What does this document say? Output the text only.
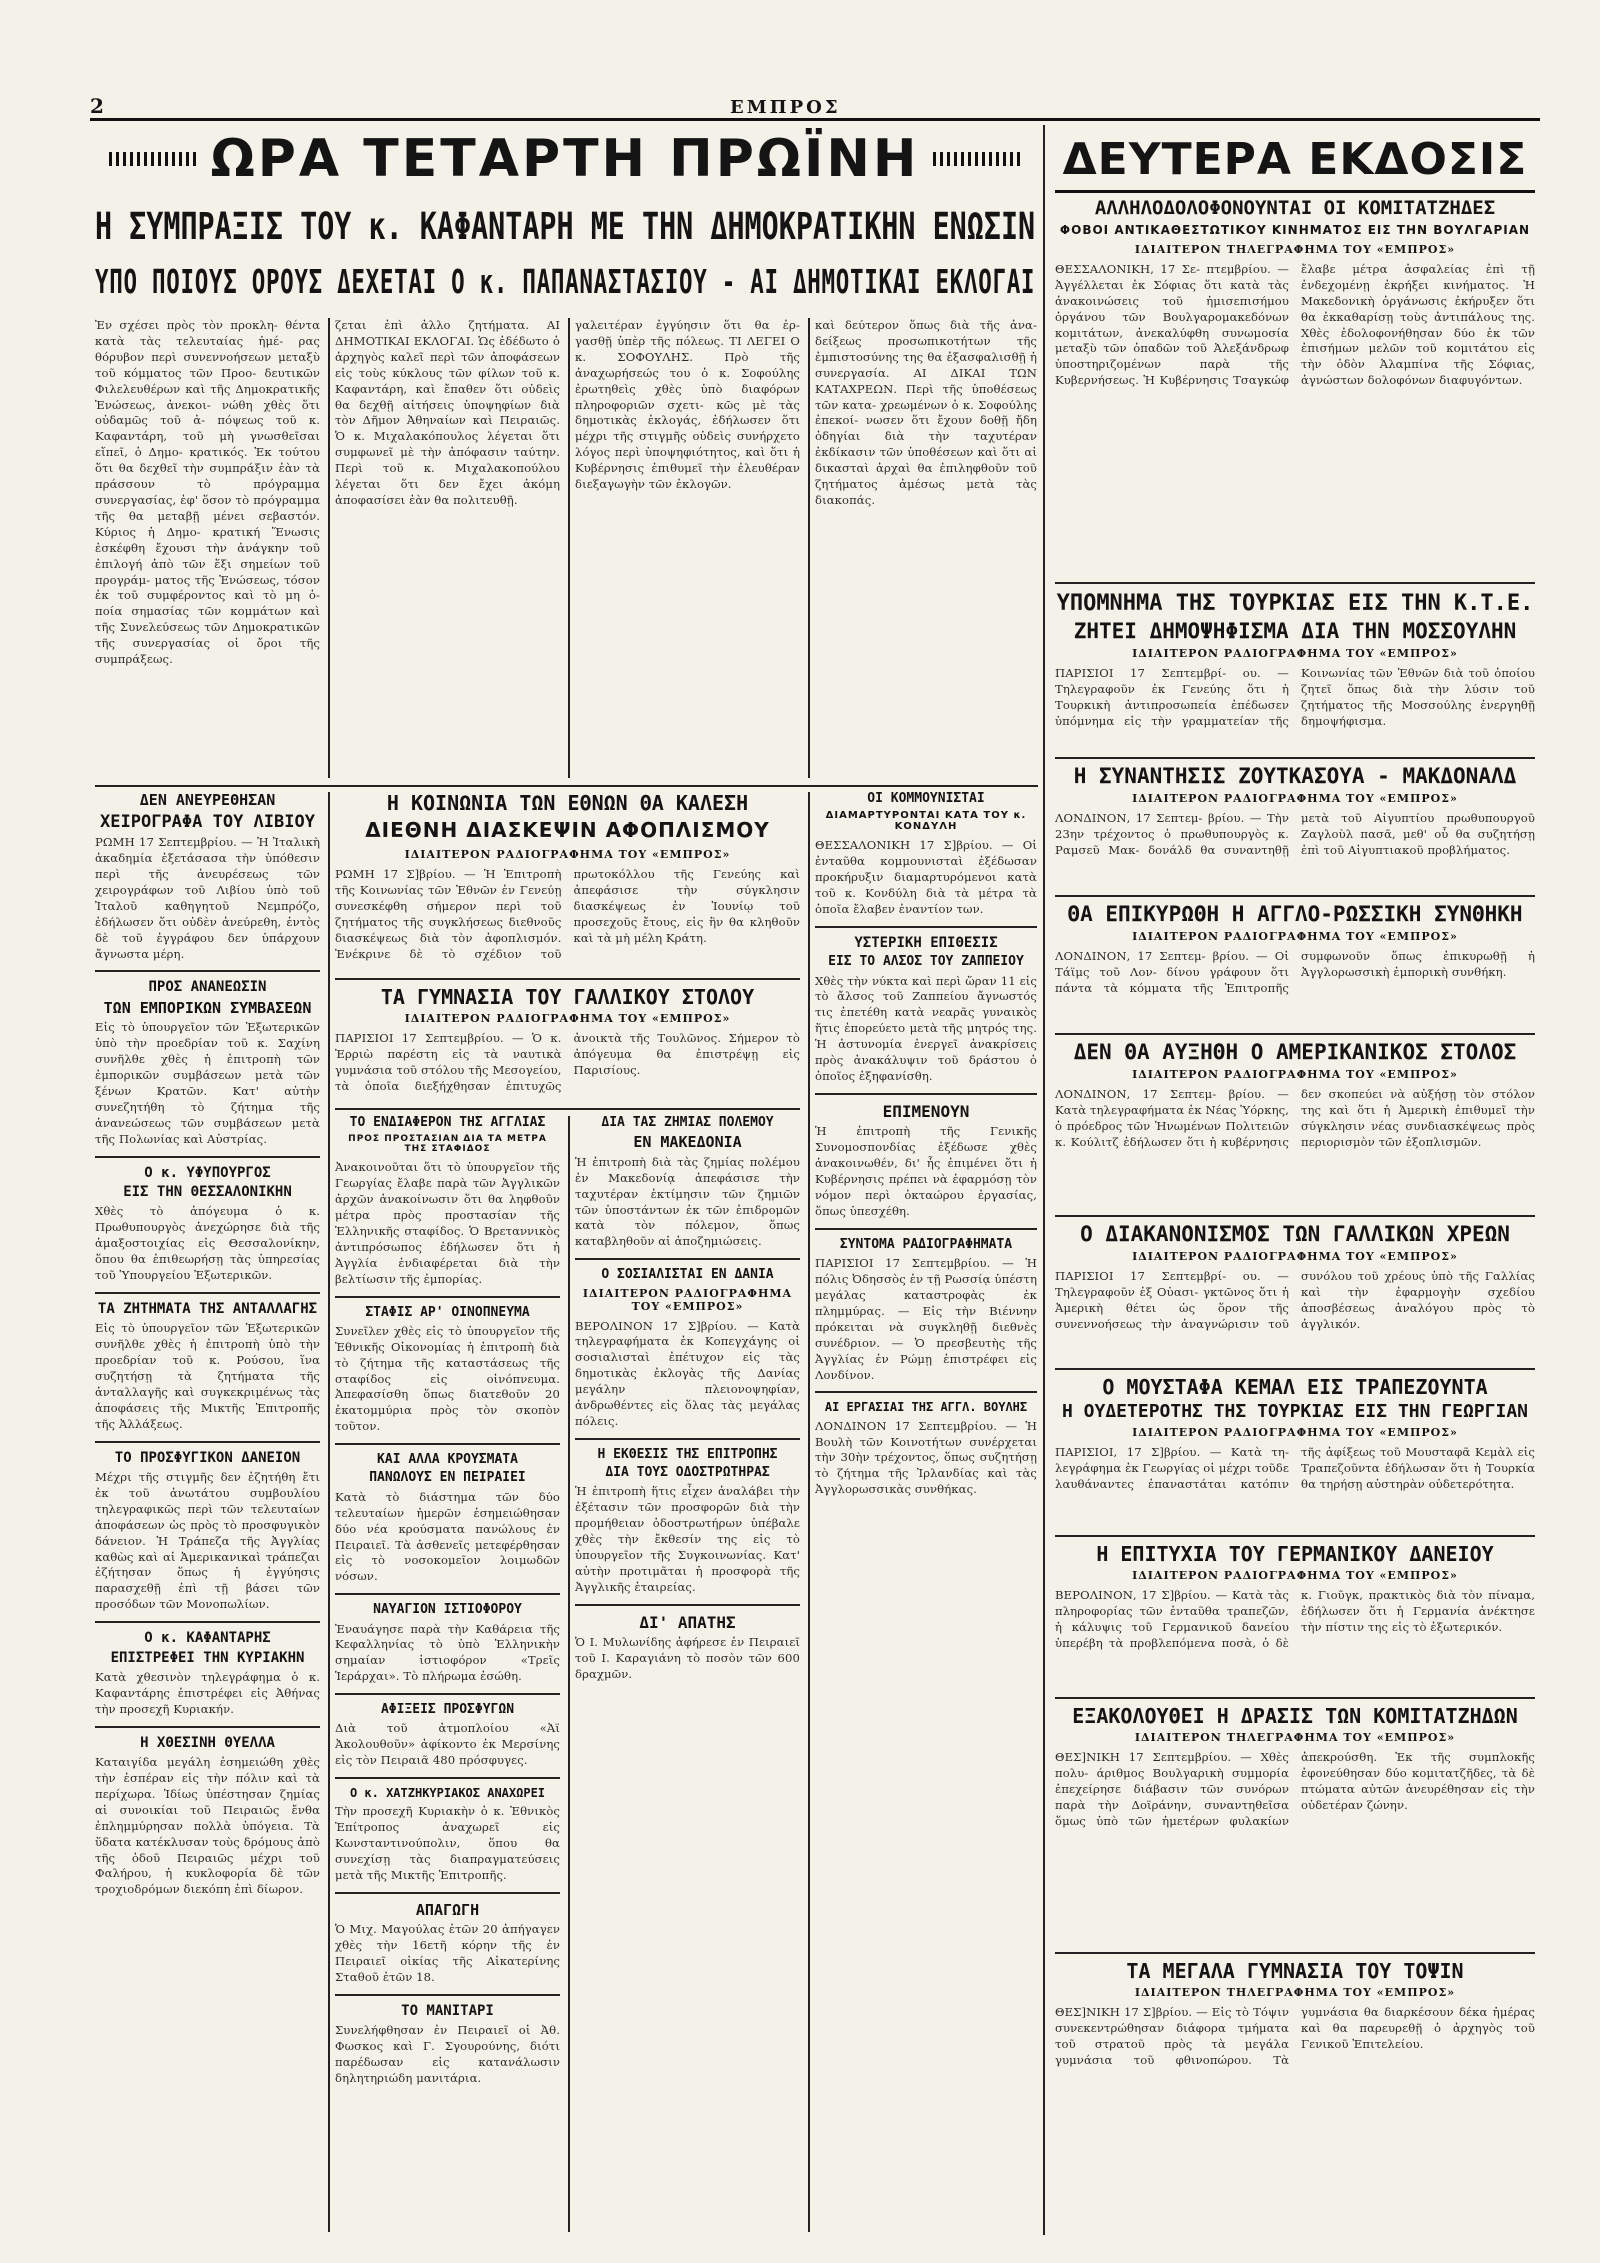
2	ΕΜΠΡΟΣ
ΩΡΑ ΤΕΤΑΡΤΗ ΠΡΩΪΝΗ	ΔΕΥΤΕΡΑ ΕΚΔΟΣΙΣ
Η ΣΥΜΠΡΑΞΙΣ ΤΟΥ κ. ΚΑΦΑΝΤΑΡΗ ΜΕ ΤΗΝ ΔΗΜΟΚΡΑΤΙΚΗΝ ΕΝΩΣΙΝ
ΥΠΟ ΠΟΙΟΥΣ ΟΡΟΥΣ ΔΕΧΕΤΑΙ Ο κ. ΠΑΠΑΝΑΣΤΑΣΙΟΥ - ΑΙ ΔΗΜΟΤΙΚΑΙ ΕΚΛΟΓΑΙ
Ἐν σχέσει πρὸς τὸν προκλη- θέντα κατὰ τὰς τελευταίας ἡμέ- ρας θόρυβον περὶ συνεννοήσεων μεταξὺ τοῦ κόμματος τῶν Προο- δευτικῶν Φιλελευθέρων καὶ τῆς Δημοκρατικῆς Ἑνώσεως, ἀνεκοι- νώθη χθὲς ὅτι οὐδαμῶς τοῦ ἀ- πόψεως τοῦ κ. Καφαντάρη, τοῦ μὴ γνωσθεῖσαι εἴπεῖ, ὁ Δημο- κρατικός. Ἐκ τούτου ὅτι θα δεχθεῖ τὴν συμπράξιν ἐὰν τὰ πράσσουν τὸ πρόγραμμα συνεργασίας, ἐφ' ὅσον τὸ πρόγραμμα τῆς θα μεταβῇ μένει σεβαστόν. Κύριος ἡ Δημο- κρατική Ἕνωσις ἐσκέφθη ἔχουσι τὴν ἀνάγκην τοῦ ἐπιλογή ἀπὸ τῶν ἕξι σημείων τοῦ προγράμ- ματος τῆς Ἑνώσεως, τόσον ἐκ τοῦ συμφέροντος καὶ τὸ μη ὁ- ποία σημασίας τῶν κομμάτων καὶ τῆς Συνελεύσεως τῶν Δημοκρατικῶν τῆς συνεργασίας οἱ ὄροι τῆς συμπράξεως.
ζεται ἐπὶ ἀλλο ζητήματα. ΑΙ ΔΗΜΟΤΙΚΑΙ ΕΚΛΟΓΑΙ. Ὡς ἐδέδωτο ὁ ἀρχηγὸς καλεῖ περὶ τῶν ἀποφάσεων εἰς τοὺς κύκλους τῶν φίλων τοῦ κ. Καφαντάρη, καὶ ἔπαθεν ὅτι οὐδεὶς θα δεχθῇ αἰτήσεις ὑποψηφίων διὰ τὸν Δῆμον Ἀθηναίων καὶ Πειραιῶς. Ὁ κ. Μιχαλακόπουλος λέγεται ὅτι συμφωνεῖ μὲ τὴν ἀπόφασιν ταύτην. Περὶ τοῦ κ. Μιχαλακοπούλου λέγεται ὅτι δεν ἔχει ἀκόμη ἀποφασίσει ἐὰν θα πολιτευθῇ.
γαλειτέραν ἐγγύησιν ὅτι θα ἐρ- γασθῇ ὑπὲρ τῆς πόλεως. ΤΙ ΛΕΓΕΙ Ο κ. ΣΟΦΟΥΛΗΣ. Πρὸ τῆς ἀναχωρήσεώς του ὁ κ. Σοφούλης ἐρωτηθεὶς χθὲς ὑπὸ διαφόρων πληροφοριῶν σχετι- κῶς μὲ τὰς δημοτικὰς ἐκλογάς, ἐδήλωσεν ὅτι μέχρι τῆς στιγμῆς οὐδεὶς συνήρχετο λόγος περὶ ὑποψηφιότητος, καὶ ὅτι ἡ Κυβέρνησις ἐπιθυμεῖ τὴν ἐλευθέραν διεξαγωγὴν τῶν ἐκλογῶν.
καὶ δεύτερον ὅπως διὰ τῆς ἀνα- δείξεως προσωπικοτήτων τῆς ἐμπιστοσύνης της θα ἐξασφαλισθῇ ἡ συνεργασία. ΑΙ ΔΙΚΑΙ ΤΩΝ ΚΑΤΑΧΡΕΩΝ. Περὶ τῆς ὑποθέσεως τῶν κατα- χρεωμένων ὁ κ. Σοφούλης ἐπεκοί- νωσεν ὅτι ἔχουν δοθῇ ἤδη ὁδηγίαι διὰ τὴν ταχυτέραν ἐκδίκασιν τῶν ὑποθέσεων καὶ ὅτι αἱ δικασταὶ ἀρχαὶ θα ἐπιληφθοῦν τοῦ ζητήματος ἀμέσως μετὰ τὰς διακοπάς.
ΑΛΛΗΛΟΔΟΛΟΦΟΝΟΥΝΤΑΙ ΟΙ ΚΟΜΙΤΑΤΖΗΔΕΣ
ΦΟΒΟΙ ΑΝΤΙΚΑΘΕΣΤΩΤΙΚΟΥ ΚΙΝΗΜΑΤΟΣ ΕΙΣ ΤΗΝ ΒΟΥΛΓΑΡΙΑΝ
ΙΔΙΑΙΤΕΡΟΝ ΤΗΛΕΓΡΑΦΗΜΑ ΤΟΥ «ΕΜΠΡΟΣ»
ΘΕΣΣΑΛΟΝΙΚΗ, 17 Σε- πτεμβρίου. — Ἀγγέλλεται ἐκ Σόφιας ὅτι κατὰ τὰς ἀνακοινώσεις τοῦ ἡμισεπισήμου ὀργάνου τῶν Βουλγαρομακεδόνων κομιτάτων, ἀνεκαλύφθη συνωμοσία μεταξὺ τῶν ὀπαδῶν τοῦ Ἀλεξάνδρωφ ὑποστηριζομένων παρὰ τῆς Κυβερνήσεως. Ἡ Κυβέρνησις Τσαγκώφ ἔλαβε μέτρα ἀσφαλείας ἐπὶ τῇ ἐνδεχομένῃ ἐκρήξει κινήματος. Ἡ Μακεδονικὴ ὀργάνωσις ἐκήρυξεν ὅτι θα ἐκκαθαρίσῃ τοὺς ἀντιπάλους της. Χθὲς ἐδολοφονήθησαν δύο ἐκ τῶν ἐπισήμων μελῶν τοῦ κομιτάτου εἰς τὴν ὁδὸν Ἀλαμπίνα τῆς Σόφιας, ἀγνώστων δολοφόνων διαφυγόντων.
ΥΠΟΜΝΗΜΑ ΤΗΣ ΤΟΥΡΚΙΑΣ ΕΙΣ ΤΗΝ Κ.Τ.Ε.
ΖΗΤΕΙ ΔΗΜΟΨΗΦΙΣΜΑ ΔΙΑ ΤΗΝ ΜΟΣΣΟΥΛΗΝ
ΙΔΙΑΙΤΕΡΟΝ ΡΑΔΙΟΓΡΑΦΗΜΑ ΤΟΥ «ΕΜΠΡΟΣ»
ΠΑΡΙΣΙΟΙ 17 Σεπτεμβρί- ου. — Τηλεγραφοῦν ἐκ Γενεύης ὅτι ἡ Τουρκικὴ ἀντιπροσωπεία ἐπέδωσεν ὑπόμνημα εἰς τὴν γραμματείαν τῆς Κοινωνίας τῶν Ἐθνῶν διὰ τοῦ ὁποίου ζητεῖ ὅπως διὰ τὴν λύσιν τοῦ ζητήματος τῆς Μοσσούλης ἐνεργηθῇ δημοψήφισμα.
Η ΣΥΝΑΝΤΗΣΙΣ ΖΟΥΤΚΑΣΟΥΑ - ΜΑΚΔΟΝΑΛΔ
ΙΔΙΑΙΤΕΡΟΝ ΡΑΔΙΟΓΡΑΦΗΜΑ ΤΟΥ «ΕΜΠΡΟΣ»
ΛΟΝΔΙΝΟΝ, 17 Σεπτεμ- βρίου. — Τὴν 23ην τρέχοντος ὁ πρωθυπουργὸς κ. Ραμσεῦ Μακ- δονάλδ θα συναντηθῇ μετὰ τοῦ Αἰγυπτίου πρωθυπουργοῦ Ζαγλοὺλ πασᾶ, μεθ' οὗ θα συζητήσῃ ἐπὶ τοῦ Αἰγυπτιακοῦ προβλήματος.
ΘΑ ΕΠΙΚΥΡΩΘΗ Η ΑΓΓΛΟ-ΡΩΣΣΙΚΗ ΣΥΝΘΗΚΗ
ΙΔΙΑΙΤΕΡΟΝ ΡΑΔΙΟΓΡΑΦΗΜΑ ΤΟΥ «ΕΜΠΡΟΣ»
ΛΟΝΔΙΝΟΝ, 17 Σεπτεμ- βρίου. — Οἱ Τάϊμς τοῦ Λον- δίνου γράφουν ὅτι πάντα τὰ κόμματα τῆς Ἐπιτροπῆς συμφωνοῦν ὅπως ἐπικυρωθῇ ἡ Ἀγγλορωσσικὴ ἐμπορικὴ συνθήκη.
ΔΕΝ ΘΑ ΑΥΞΗΘΗ Ο ΑΜΕΡΙΚΑΝΙΚΟΣ ΣΤΟΛΟΣ
ΙΔΙΑΙΤΕΡΟΝ ΡΑΔΙΟΓΡΑΦΗΜΑ ΤΟΥ «ΕΜΠΡΟΣ»
ΛΟΝΔΙΝΟΝ, 17 Σεπτεμ- βρίου. — Κατὰ τηλεγραφήματα ἐκ Νέας Ὑόρκης, ὁ πρόεδρος τῶν Ἡνωμένων Πολιτειῶν κ. Κούλιτζ ἐδήλωσεν ὅτι ἡ κυβέρνησις δεν σκοπεύει νὰ αὐξήσῃ τὸν στόλον της καὶ ὅτι ἡ Ἀμερικὴ ἐπιθυμεῖ τὴν σύγκλησιν νέας συνδιασκέψεως πρὸς περιορισμὸν τῶν ἐξοπλισμῶν.
Ο ΔΙΑΚΑΝΟΝΙΣΜΟΣ ΤΩΝ ΓΑΛΛΙΚΩΝ ΧΡΕΩΝ
ΙΔΙΑΙΤΕΡΟΝ ΡΑΔΙΟΓΡΑΦΗΜΑ ΤΟΥ «ΕΜΠΡΟΣ»
ΠΑΡΙΣΙΟΙ 17 Σεπτεμβρί- ου. — Τηλεγραφοῦν ἐξ Οὐασι- γκτῶνος ὅτι ἡ Ἀμερικὴ θέτει ὡς ὅρον τῆς συνεννοήσεως τὴν ἀναγνώρισιν τοῦ συνόλου τοῦ χρέους ὑπὸ τῆς Γαλλίας καὶ τὴν ἐφαρμογὴν σχεδίου ἀποσβέσεως ἀναλόγου πρὸς τὸ ἀγγλικόν.
Ο ΜΟΥΣΤΑΦΑ ΚΕΜΑΛ ΕΙΣ ΤΡΑΠΕΖΟΥΝΤΑ
Η ΟΥΔΕΤΕΡΟΤΗΣ ΤΗΣ ΤΟΥΡΚΙΑΣ ΕΙΣ ΤΗΝ ΓΕΩΡΓΙΑΝ
ΙΔΙΑΙΤΕΡΟΝ ΡΑΔΙΟΓΡΑΦΗΜΑ ΤΟΥ «ΕΜΠΡΟΣ»
ΠΑΡΙΣΙΟΙ, 17 Σ]βρίου. — Κατὰ τη- λεγράφημα ἐκ Γεωργίας οἱ μέχρι τοῦδε λαυθάναντες ἐπαναστάται κατόπιν τῆς ἀφίξεως τοῦ Μουσταφᾶ Κεμὰλ εἰς Τραπεζοῦντα ἐδήλωσαν ὅτι ἡ Τουρκία θα τηρήσῃ αὐστηρὰν οὐδετερότητα.
Η ΕΠΙΤΥΧΙΑ ΤΟΥ ΓΕΡΜΑΝΙΚΟΥ ΔΑΝΕΙΟΥ
ΙΔΙΑΙΤΕΡΟΝ ΡΑΔΙΟΓΡΑΦΗΜΑ ΤΟΥ «ΕΜΠΡΟΣ»
ΒΕΡΟΛΙΝΟΝ, 17 Σ]βρίου. — Κατὰ τὰς πληροφορίας τῶν ἐνταῦθα τραπεζῶν, ἡ κάλυψις τοῦ Γερμανικοῦ δανείου ὑπερέβη τὰ προβλεπόμενα ποσὰ, ὁ δὲ κ. Γιοῦγκ, πρακτικὸς διὰ τὸν πίναμα, ἐδήλωσεν ὅτι ἡ Γερμανία ἀνέκτησε τὴν πίστιν της εἰς τὸ ἐξωτερικόν.
ΕΞΑΚΟΛΟΥΘΕΙ Η ΔΡΑΣΙΣ ΤΩΝ ΚΟΜΙΤΑΤΖΗΔΩΝ
ΙΔΙΑΙΤΕΡΟΝ ΤΗΛΕΓΡΑΦΗΜΑ ΤΟΥ «ΕΜΠΡΟΣ»
ΘΕΣ]ΝΙΚΗ 17 Σεπτεμβρίου. — Χθὲς πολυ- άριθμος Βουλγαρικὴ συμμορία ἐπεχείρησε διάβασιν τῶν συνόρων παρὰ τὴν Δοϊράνην, συναντηθεῖσα ὅμως ὑπὸ τῶν ἡμετέρων φυλακίων ἀπεκρούσθη. Ἐκ τῆς συμπλοκῆς ἐφονεύθησαν δύο κομιτατζῆδες, τὰ δὲ πτώματα αὐτῶν ἀνευρέθησαν εἰς τὴν οὐδετέραν ζώνην.
ΤΑ ΜΕΓΑΛΑ ΓΥΜΝΑΣΙΑ ΤΟΥ ΤΟΨΙΝ
ΙΔΙΑΙΤΕΡΟΝ ΤΗΛΕΓΡΑΦΗΜΑ ΤΟΥ «ΕΜΠΡΟΣ»
ΘΕΣ]ΝΙΚΗ 17 Σ]βρίου. — Εἰς τὸ Τόψιν συνεκεντρώθησαν διάφορα τμήματα τοῦ στρατοῦ πρὸς τὰ μεγάλα γυμνάσια τοῦ φθινοπώρου. Τὰ γυμνάσια θα διαρκέσουν δέκα ἡμέρας καὶ θα παρευρεθῇ ὁ ἀρχηγὸς τοῦ Γενικοῦ Ἐπιτελείου.
ΔΕΝ ΑΝΕΥΡΕΘΗΣΑΝ
ΧΕΙΡΟΓΡΑΦΑ ΤΟΥ ΛΙΒΙΟΥ
ΡΩΜΗ 17 Σεπτεμβρίου. — Ἡ Ἰταλικὴ ἀκαδημία ἐξετάσασα τὴν ὑπόθεσιν περὶ τῆς ἀνευρέσεως τῶν χειρογράφων τοῦ Λιβίου ὑπὸ τοῦ Ἰταλοῦ καθηγητοῦ Νεμπρόζο, ἐδήλωσεν ὅτι οὐδὲν ἀνεύρεθη, ἐντὸς δὲ τοῦ ἐγγράφου δεν ὑπάρχουν ἄγνωστα μέρη.
ΠΡΟΣ ΑΝΑΝΕΩΣΙΝ
ΤΩΝ ΕΜΠΟΡΙΚΩΝ ΣΥΜΒΑΣΕΩΝ
Εἰς τὸ ὑπουργεῖον τῶν Ἐξωτερικῶν ὑπὸ τὴν προεδρίαν τοῦ κ. Σαχίνη συνῆλθε χθὲς ἡ ἐπιτροπὴ τῶν ἐμπορικῶν συμβάσεων μετὰ τῶν ξένων Κρατῶν. Κατ' αὐτὴν συνεζητήθη τὸ ζήτημα τῆς ἀνανεώσεως τῶν συμβάσεων μετὰ τῆς Πολωνίας καὶ Αὐστρίας.
Ο κ. ΥΦΥΠΟΥΡΓΟΣ
ΕΙΣ ΤΗΝ ΘΕΣΣΑΛΟΝΙΚΗΝ
Χθὲς τὸ ἀπόγευμα ὁ κ. Πρωθυπουργὸς ἀνεχώρησε διὰ τῆς ἁμαξοστοιχίας εἰς Θεσσαλονίκην, ὅπου θα ἐπιθεωρήσῃ τὰς ὑπηρεσίας τοῦ Ὑπουργείου Ἐξωτερικῶν.
ΤΑ ΖΗΤΗΜΑΤΑ ΤΗΣ ΑΝΤΑΛΛΑΓΗΣ
Εἰς τὸ ὑπουργεῖον τῶν Ἐξωτερικῶν συνῆλθε χθὲς ἡ ἐπιτροπὴ ὑπὸ τὴν προεδρίαν τοῦ κ. Ρούσου, ἵνα συζητήσῃ τὰ ζητήματα τῆς ἀνταλλαγῆς καὶ συγκεκριμένως τὰς ἀποφάσεις τῆς Μικτῆς Ἐπιτροπῆς τῆς Ἀλλάξεως.
ΤΟ ΠΡΟΣΦΥΓΙΚΟΝ ΔΑΝΕΙΟΝ
Μέχρι τῆς στιγμῆς δεν ἐζητήθη ἔτι ἐκ τοῦ ἀνωτάτου συμβουλίου τηλεγραφικῶς περὶ τῶν τελευταίων ἀποφάσεων ὡς πρὸς τὸ προσφυγικὸν δάνειον. Ἡ Τράπεζα τῆς Ἀγγλίας καθὼς καὶ αἱ Ἀμερικανικαὶ τράπεζαι ἐζήτησαν ὅπως ἡ ἐγγύησις παρασχεθῇ ἐπὶ τῇ βάσει τῶν προσόδων τῶν Μονοπωλίων.
Ο κ. ΚΑΦΑΝΤΑΡΗΣ
ΕΠΙΣΤΡΕΦΕΙ ΤΗΝ ΚΥΡΙΑΚΗΝ
Κατὰ χθεσινὸν τηλεγράφημα ὁ κ. Καφαντάρης ἐπιστρέφει εἰς Ἀθήνας τὴν προσεχῆ Κυριακήν.
Η ΧΘΕΣΙΝΗ ΘΥΕΛΛΑ
Καταιγίδα μεγάλη ἐσημειώθη χθὲς τὴν ἑσπέραν εἰς τὴν πόλιν καὶ τὰ περίχωρα. Ἰδίως ὑπέστησαν ζημίας αἱ συνοικίαι τοῦ Πειραιῶς ἔνθα ἐπλημμύρησαν πολλὰ ὑπόγεια. Τὰ ὕδατα κατέκλυσαν τοὺς δρόμους ἀπὸ τῆς ὁδοῦ Πειραιῶς μέχρι τοῦ Φαλήρου, ἡ κυκλοφορία δὲ τῶν τροχιοδρόμων διεκόπη ἐπὶ δίωρον.
Η ΚΟΙΝΩΝΙΑ ΤΩΝ ΕΘΝΩΝ ΘΑ ΚΑΛΕΣΗ
ΔΙΕΘΝΗ ΔΙΑΣΚΕΨΙΝ ΑΦΟΠΛΙΣΜΟΥ
ΙΔΙΑΙΤΕΡΟΝ ΡΑΔΙΟΓΡΑΦΗΜΑ ΤΟΥ «ΕΜΠΡΟΣ»
ΡΩΜΗ 17 Σ]βρίου. — Ἡ Ἐπιτροπὴ τῆς Κοινωνίας τῶν Ἐθνῶν ἐν Γενεύῃ συνεσκέφθη σήμερον περὶ τοῦ ζητήματος τῆς συγκλήσεως διεθνοῦς διασκέψεως διὰ τὸν ἀφοπλισμόν. Ἐνέκρινε δὲ τὸ σχέδιον τοῦ πρωτοκόλλου τῆς Γενεύης καὶ ἀπεφάσισε τὴν σύγκλησιν διασκέψεως ἐν Ἰουνίῳ τοῦ προσεχοῦς ἔτους, εἰς ἣν θα κληθοῦν καὶ τὰ μὴ μέλη Κράτη.
ΤΑ ΓΥΜΝΑΣΙΑ ΤΟΥ ΓΑΛΛΙΚΟΥ ΣΤΟΛΟΥ
ΙΔΙΑΙΤΕΡΟΝ ΡΑΔΙΟΓΡΑΦΗΜΑ ΤΟΥ «ΕΜΠΡΟΣ»
ΠΑΡΙΣΙΟΙ 17 Σεπτεμβρίου. — Ὁ κ. Ἐρριὼ παρέστη εἰς τὰ ναυτικὰ γυμνάσια τοῦ στόλου τῆς Μεσογείου, τὰ ὁποῖα διεξήχθησαν ἐπιτυχῶς ἀνοικτὰ τῆς Τουλῶνος. Σήμερον τὸ ἀπόγευμα θα ἐπιστρέψῃ εἰς Παρισίους.
ΤΟ ΕΝΔΙΑΦΕΡΟΝ ΤΗΣ ΑΓΓΛΙΑΣ
ΠΡΟΣ ΠΡΟΣΤΑΣΙΑΝ ΔΙΑ ΤΑ ΜΕΤΡΑ ΤΗΣ ΣΤΑΦΙΔΟΣ
Ἀνακοινοῦται ὅτι τὸ ὑπουργεῖον τῆς Γεωργίας ἔλαβε παρὰ τῶν Ἀγγλικῶν ἀρχῶν ἀνακοίνωσιν ὅτι θα ληφθοῦν μέτρα πρὸς προστασίαν τῆς Ἑλληνικῆς σταφίδος. Ὁ Βρεταννικὸς ἀντιπρόσωπος ἐδήλωσεν ὅτι ἡ Ἀγγλία ἐνδιαφέρεται διὰ τὴν βελτίωσιν τῆς ἐμπορίας.
ΣΤΑΦΙΣ ΑΡ' ΟΙΝΟΠΝΕΥΜΑ
Συνεῖλεν χθὲς εἰς τὸ ὑπουργεῖον τῆς Ἐθνικῆς Οἰκονομίας ἡ ἐπιτροπὴ διὰ τὸ ζήτημα τῆς καταστάσεως τῆς σταφίδος εἰς οἰνόπνευμα. Ἀπεφασίσθη ὅπως διατεθοῦν 20 ἑκατομμύρια πρὸς τὸν σκοπὸν τοῦτον.
ΚΑΙ ΑΛΛΑ ΚΡΟΥΣΜΑΤΑ
ΠΑΝΩΛΟΥΣ ΕΝ ΠΕΙΡΑΙΕΙ
Κατὰ τὸ διάστημα τῶν δύο τελευταίων ἡμερῶν ἐσημειώθησαν δύο νέα κρούσματα πανώλους ἐν Πειραιεῖ. Τὰ ἀσθενεῖς μετεφέρθησαν εἰς τὸ νοσοκομεῖον λοιμωδῶν νόσων.
ΝΑΥΑΓΙΟΝ ΙΣΤΙΟΦΟΡΟΥ
Ἐναυάγησε παρὰ τὴν Καθάρεια τῆς Κεφαλληνίας τὸ ὑπὸ Ἑλληνικὴν σημαίαν ἱστιοφόρον «Τρεῖς Ἱεράρχαι». Τὸ πλήρωμα ἐσώθη.
ΑΦΙΞΕΙΣ ΠΡΟΣΦΥΓΩΝ
Διὰ τοῦ ἀτμοπλοίου «Ἀϊ Ἀκολουθοῦν» ἀφίκοντο ἐκ Μερσίνης εἰς τὸν Πειραιᾶ 480 πρόσφυγες.
Ο κ. ΧΑΤΖΗΚΥΡΙΑΚΟΣ ΑΝΑΧΩΡΕΙ
Τὴν προσεχῆ Κυριακὴν ὁ κ. Ἐθνικὸς Ἐπίτροπος ἀναχωρεῖ εἰς Κωνσταντινούπολιν, ὅπου θα συνεχίσῃ τὰς διαπραγματεύσεις μετὰ τῆς Μικτῆς Ἐπιτροπῆς.
ΑΠΑΓΩΓΗ
Ὁ Μιχ. Μαγούλας ἐτῶν 20 ἀπήγαγεν χθὲς τὴν 16ετῆ κόρην τῆς ἐν Πειραιεῖ οἰκίας τῆς Αἰκατερίνης Σταθοῦ ἐτῶν 18.
ΤΟ ΜΑΝΙΤΑΡΙ
Συνελήφθησαν ἐν Πειραιεῖ οἱ Ἀθ. Φωσκος καὶ Γ. Σγουρούνης, διότι παρέδωσαν εἰς κατανάλωσιν δηλητηριώδη μανιτάρια.
ΔΙΑ ΤΑΣ ΖΗΜΙΑΣ ΠΟΛΕΜΟΥ
ΕΝ ΜΑΚΕΔΟΝΙΑ
Ἡ ἐπιτροπὴ διὰ τὰς ζημίας πολέμου ἐν Μακεδονίᾳ ἀπεφάσισε τὴν ταχυτέραν ἐκτίμησιν τῶν ζημιῶν τῶν ὑποστάντων ἐκ τῶν ἐπιδρομῶν κατὰ τὸν πόλεμον, ὅπως καταβληθοῦν αἱ ἀποζημιώσεις.
Ο ΣΟΣΙΑΛΙΣΤΑΙ ΕΝ ΔΑΝΙΑ
ΙΔΙΑΙΤΕΡΟΝ ΡΑΔΙΟΓΡΑΦΗΜΑ ΤΟΥ «ΕΜΠΡΟΣ»
ΒΕΡΟΛΙΝΟΝ 17 Σ]βρίου. — Κατὰ τηλεγραφήματα ἐκ Κοπεγχάγης οἱ σοσιαλισταὶ ἐπέτυχον εἰς τὰς δημοτικὰς ἐκλογὰς τῆς Δανίας μεγάλην πλειονοψηφίαν, ἀνδρωθέντες εἰς ὅλας τὰς μεγάλας πόλεις.
Η ΕΚΘΕΣΙΣ ΤΗΣ ΕΠΙΤΡΟΠΗΣ
ΔΙΑ ΤΟΥΣ ΟΔΟΣΤΡΩΤΗΡΑΣ
Ἡ ἐπιτροπὴ ἥτις εἶχεν ἀναλάβει τὴν ἐξέτασιν τῶν προσφορῶν διὰ τὴν προμήθειαν ὁδοστρωτήρων ὑπέβαλε χθὲς τὴν ἔκθεσίν της εἰς τὸ ὑπουργεῖον τῆς Συγκοινωνίας. Κατ' αὐτὴν προτιμᾶται ἡ προσφορὰ τῆς Ἀγγλικῆς ἑταιρείας.
ΔΙ' ΑΠΑΤΗΣ
Ὁ Ι. Μυλωνίδης ἀφήρεσε ἐν Πειραιεῖ τοῦ Ι. Καραγιάνη τὸ ποσὸν τῶν 600 δραχμῶν.
ΟΙ ΚΟΜΜΟΥΝΙΣΤΑΙ
ΔΙΑΜΑΡΤΥΡΟΝΤΑΙ ΚΑΤΑ ΤΟΥ κ. ΚΟΝΔΥΛΗ
ΘΕΣΣΑΛΟΝΙΚΗ 17 Σ]βρίου. — Οἱ ἐνταῦθα κομμουνισταὶ ἐξέδωσαν προκήρυξιν διαμαρτυρόμενοι κατὰ τοῦ κ. Κονδύλη διὰ τὰ μέτρα τὰ ὁποῖα ἔλαβεν ἐναντίον των.
ΥΣΤΕΡΙΚΗ ΕΠΙΘΕΣΙΣ
ΕΙΣ ΤΟ ΑΛΣΟΣ ΤΟΥ ΖΑΠΠΕΙΟΥ
Χθὲς τὴν νύκτα καὶ περὶ ὥραν 11 εἰς τὸ ἄλσος τοῦ Ζαππείου ἄγνωστός τις ἐπετέθη κατὰ νεαρᾶς γυναικὸς ἥτις ἐπορεύετο μετὰ τῆς μητρός της. Ἡ ἀστυνομία ἐνεργεῖ ἀνακρίσεις πρὸς ἀνακάλυψιν τοῦ δράστου ὁ ὁποῖος ἐξηφανίσθη.
ΕΠΙΜΕΝΟΥΝ
Ἡ ἐπιτροπὴ τῆς Γενικῆς Συνομοσπονδίας ἐξέδωσε χθὲς ἀνακοινωθέν, δι' ἧς ἐπιμένει ὅτι ἡ Κυβέρνησις πρέπει νὰ ἐφαρμόσῃ τὸν νόμον περὶ ὀκταώρου ἐργασίας, ὅπως ὑπεσχέθη.
ΣΥΝΤΟΜΑ ΡΑΔΙΟΓΡΑΦΗΜΑΤΑ
ΠΑΡΙΣΙΟΙ 17 Σεπτεμβρίου. — Ἡ πόλις Ὀδησσὸς ἐν τῇ Ρωσσίᾳ ὑπέστη μεγάλας καταστροφὰς ἐκ πλημμύρας. — Εἰς τὴν Βιέννην πρόκειται νὰ συγκληθῇ διεθνὲς συνέδριον. — Ὁ πρεσβευτὴς τῆς Ἀγγλίας ἐν Ρώμῃ ἐπιστρέφει εἰς Λονδίνον.
ΑΙ ΕΡΓΑΣΙΑΙ ΤΗΣ ΑΓΓΛ. ΒΟΥΛΗΣ
ΛΟΝΔΙΝΟΝ 17 Σεπτεμβρίου. — Ἡ Βουλὴ τῶν Κοινοτήτων συνέρχεται τὴν 30ὴν τρέχοντος, ὅπως συζητήσῃ τὸ ζήτημα τῆς Ἰρλανδίας καὶ τὰς Ἀγγλορωσσικὰς συνθήκας.
